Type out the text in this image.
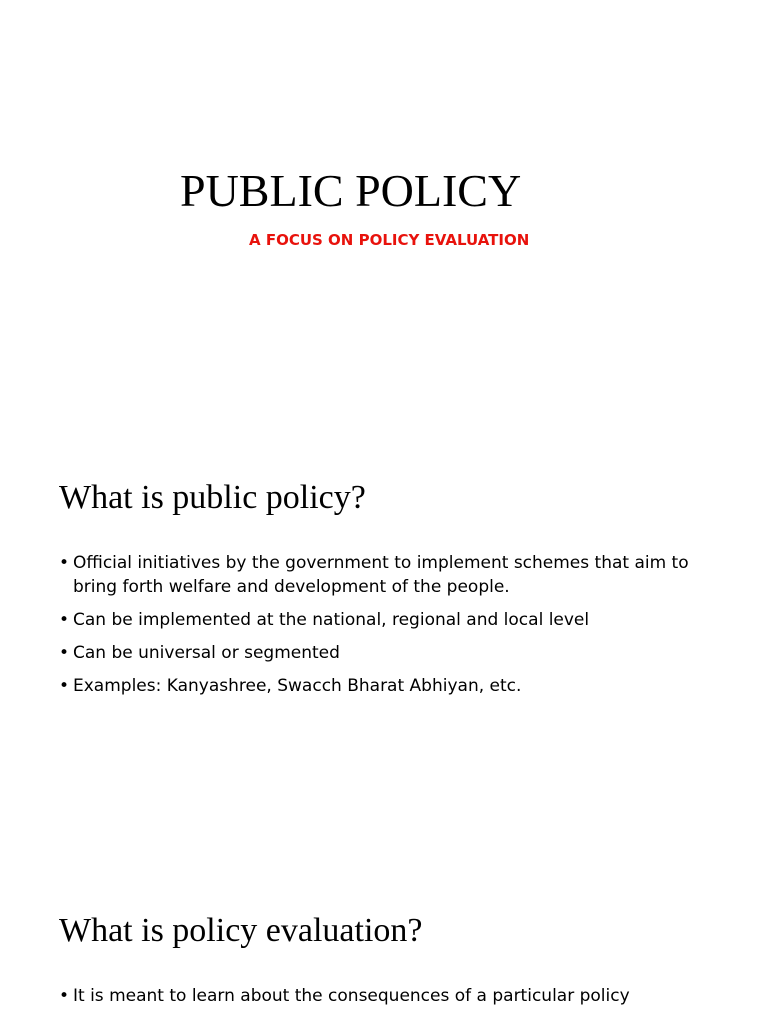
PUBLIC POLICY
A FOCUS ON POLICY EVALUATION
What is public policy?
• Official initiatives by the government to implement schemes that aim to bring forth welfare and development of the people.
• Can be implemented at the national, regional and local level
• Can be universal or segmented
• Examples: Kanyashree, Swacch Bharat Abhiyan, etc.
What is policy evaluation?
• It is meant to learn about the consequences of a particular policy
